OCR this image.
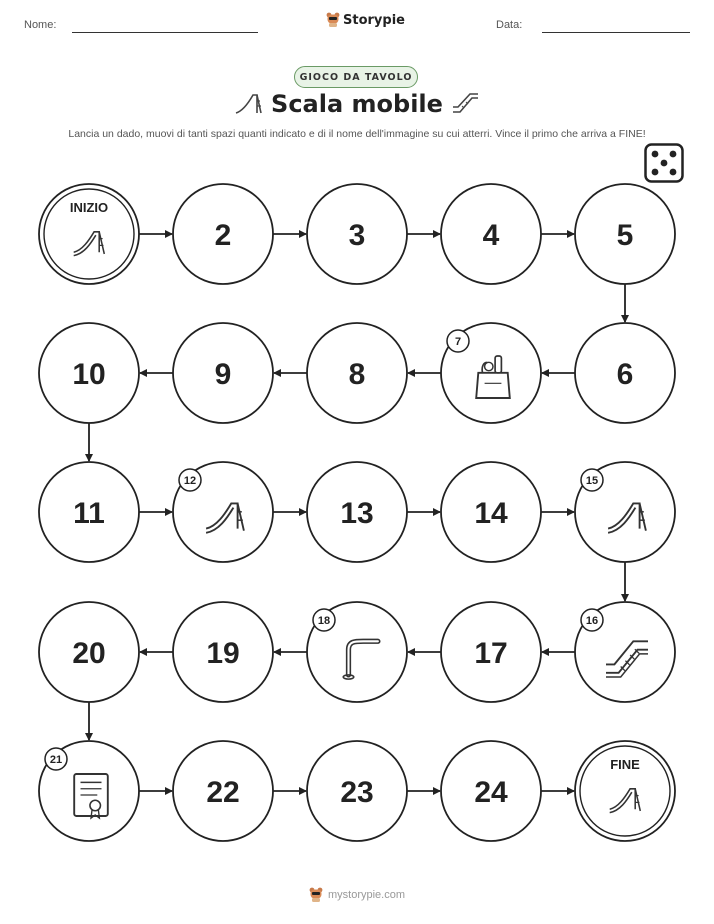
Nome:	Storypie	Data:
GIOCO DA TAVOLO
Scala mobile
Lancia un dado, muovi di tanti spazi quanti indicato e di il nome dell'immagine su cui atterri. Vince il primo che arriva a FINE!
INIZIO
2	3	4	5
6
7
8
9
10
11
12
13	14
15
16
17
18
19
20
21
22	23	24
FINE
mystorypie.com
